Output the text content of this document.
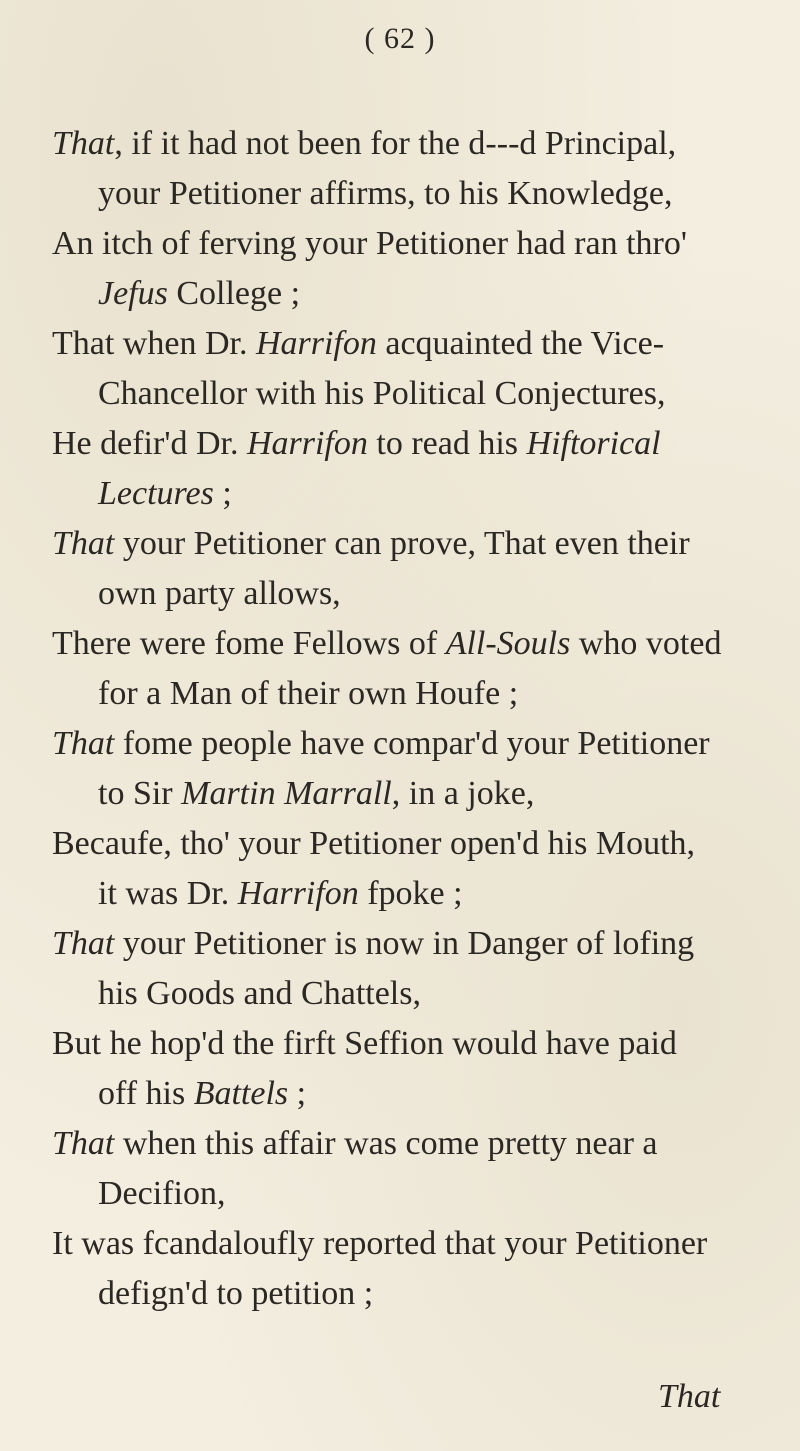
( 62 )
That, if it had not been for the d---d Principal,
your Petitioner affirms, to his Knowledge,
An itch of ferving your Petitioner had ran thro'
Jefus College ;
That when Dr. Harrifon acquainted the Vice-
Chancellor with his Political Conjectures,
He defir'd Dr. Harrifon to read his Hiftorical
Lectures ;
That your Petitioner can prove, That even their
own party allows,
There were fome Fellows of All-Souls who voted
for a Man of their own Houfe ;
That fome people have compar'd your Petitioner
to Sir Martin Marrall, in a joke,
Becaufe, tho' your Petitioner open'd his Mouth,
it was Dr. Harrifon fpoke ;
That your Petitioner is now in Danger of lofing
his Goods and Chattels,
But he hop'd the firft Seffion would have paid
off his Battels ;
That when this affair was come pretty near a
Decifion,
It was fcandaloufly reported that your Petitioner
defign'd to petition ;
That
